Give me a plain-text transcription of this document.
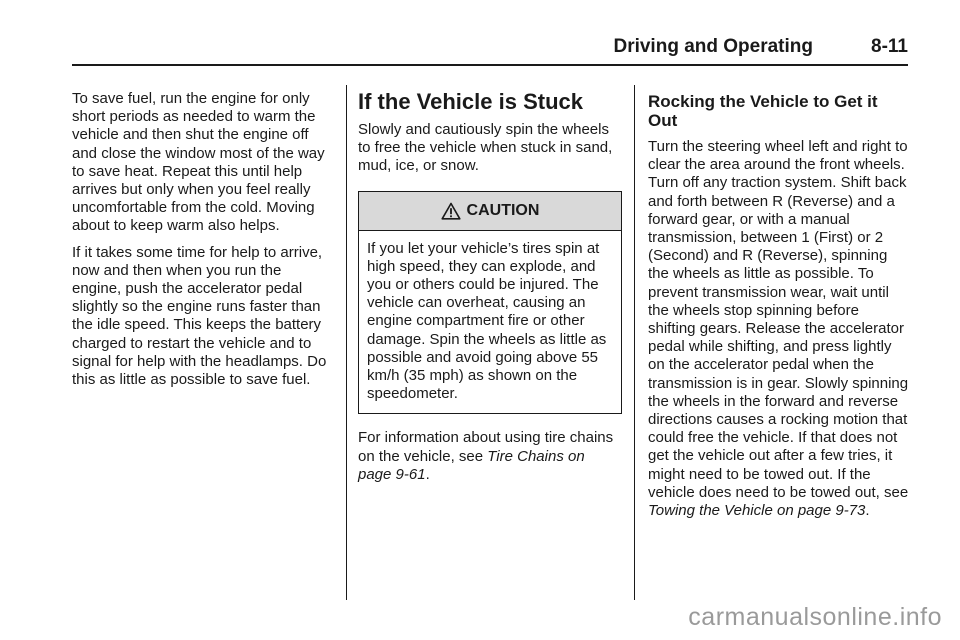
Driving and Operating	8-11

To save fuel, run the engine for only short periods as needed to warm the vehicle and then shut the engine off and close the window most of the way to save heat. Repeat this until help arrives but only when you feel really uncomfortable from the cold. Moving about to keep warm also helps.

If it takes some time for help to arrive, now and then when you run the engine, push the accelerator pedal slightly so the engine runs faster than the idle speed. This keeps the battery charged to restart the vehicle and to signal for help with the headlamps. Do this as little as possible to save fuel.

If the Vehicle is Stuck

Slowly and cautiously spin the wheels to free the vehicle when stuck in sand, mud, ice, or snow.

CAUTION
If you let your vehicle’s tires spin at high speed, they can explode, and you or others could be injured. The vehicle can overheat, causing an engine compartment fire or other damage. Spin the wheels as little as possible and avoid going above 55 km/h (35 mph) as shown on the speedometer.

For information about using tire chains on the vehicle, see Tire Chains on page 9-61.

Rocking the Vehicle to Get it Out

Turn the steering wheel left and right to clear the area around the front wheels. Turn off any traction system. Shift back and forth between R (Reverse) and a forward gear, or with a manual transmission, between 1 (First) or 2 (Second) and R (Reverse), spinning the wheels as little as possible. To prevent transmission wear, wait until the wheels stop spinning before shifting gears. Release the accelerator pedal while shifting, and press lightly on the accelerator pedal when the transmission is in gear. Slowly spinning the wheels in the forward and reverse directions causes a rocking motion that could free the vehicle. If that does not get the vehicle out after a few tries, it might need to be towed out. If the vehicle does need to be towed out, see Towing the Vehicle on page 9-73.

carmanualsonline.info
